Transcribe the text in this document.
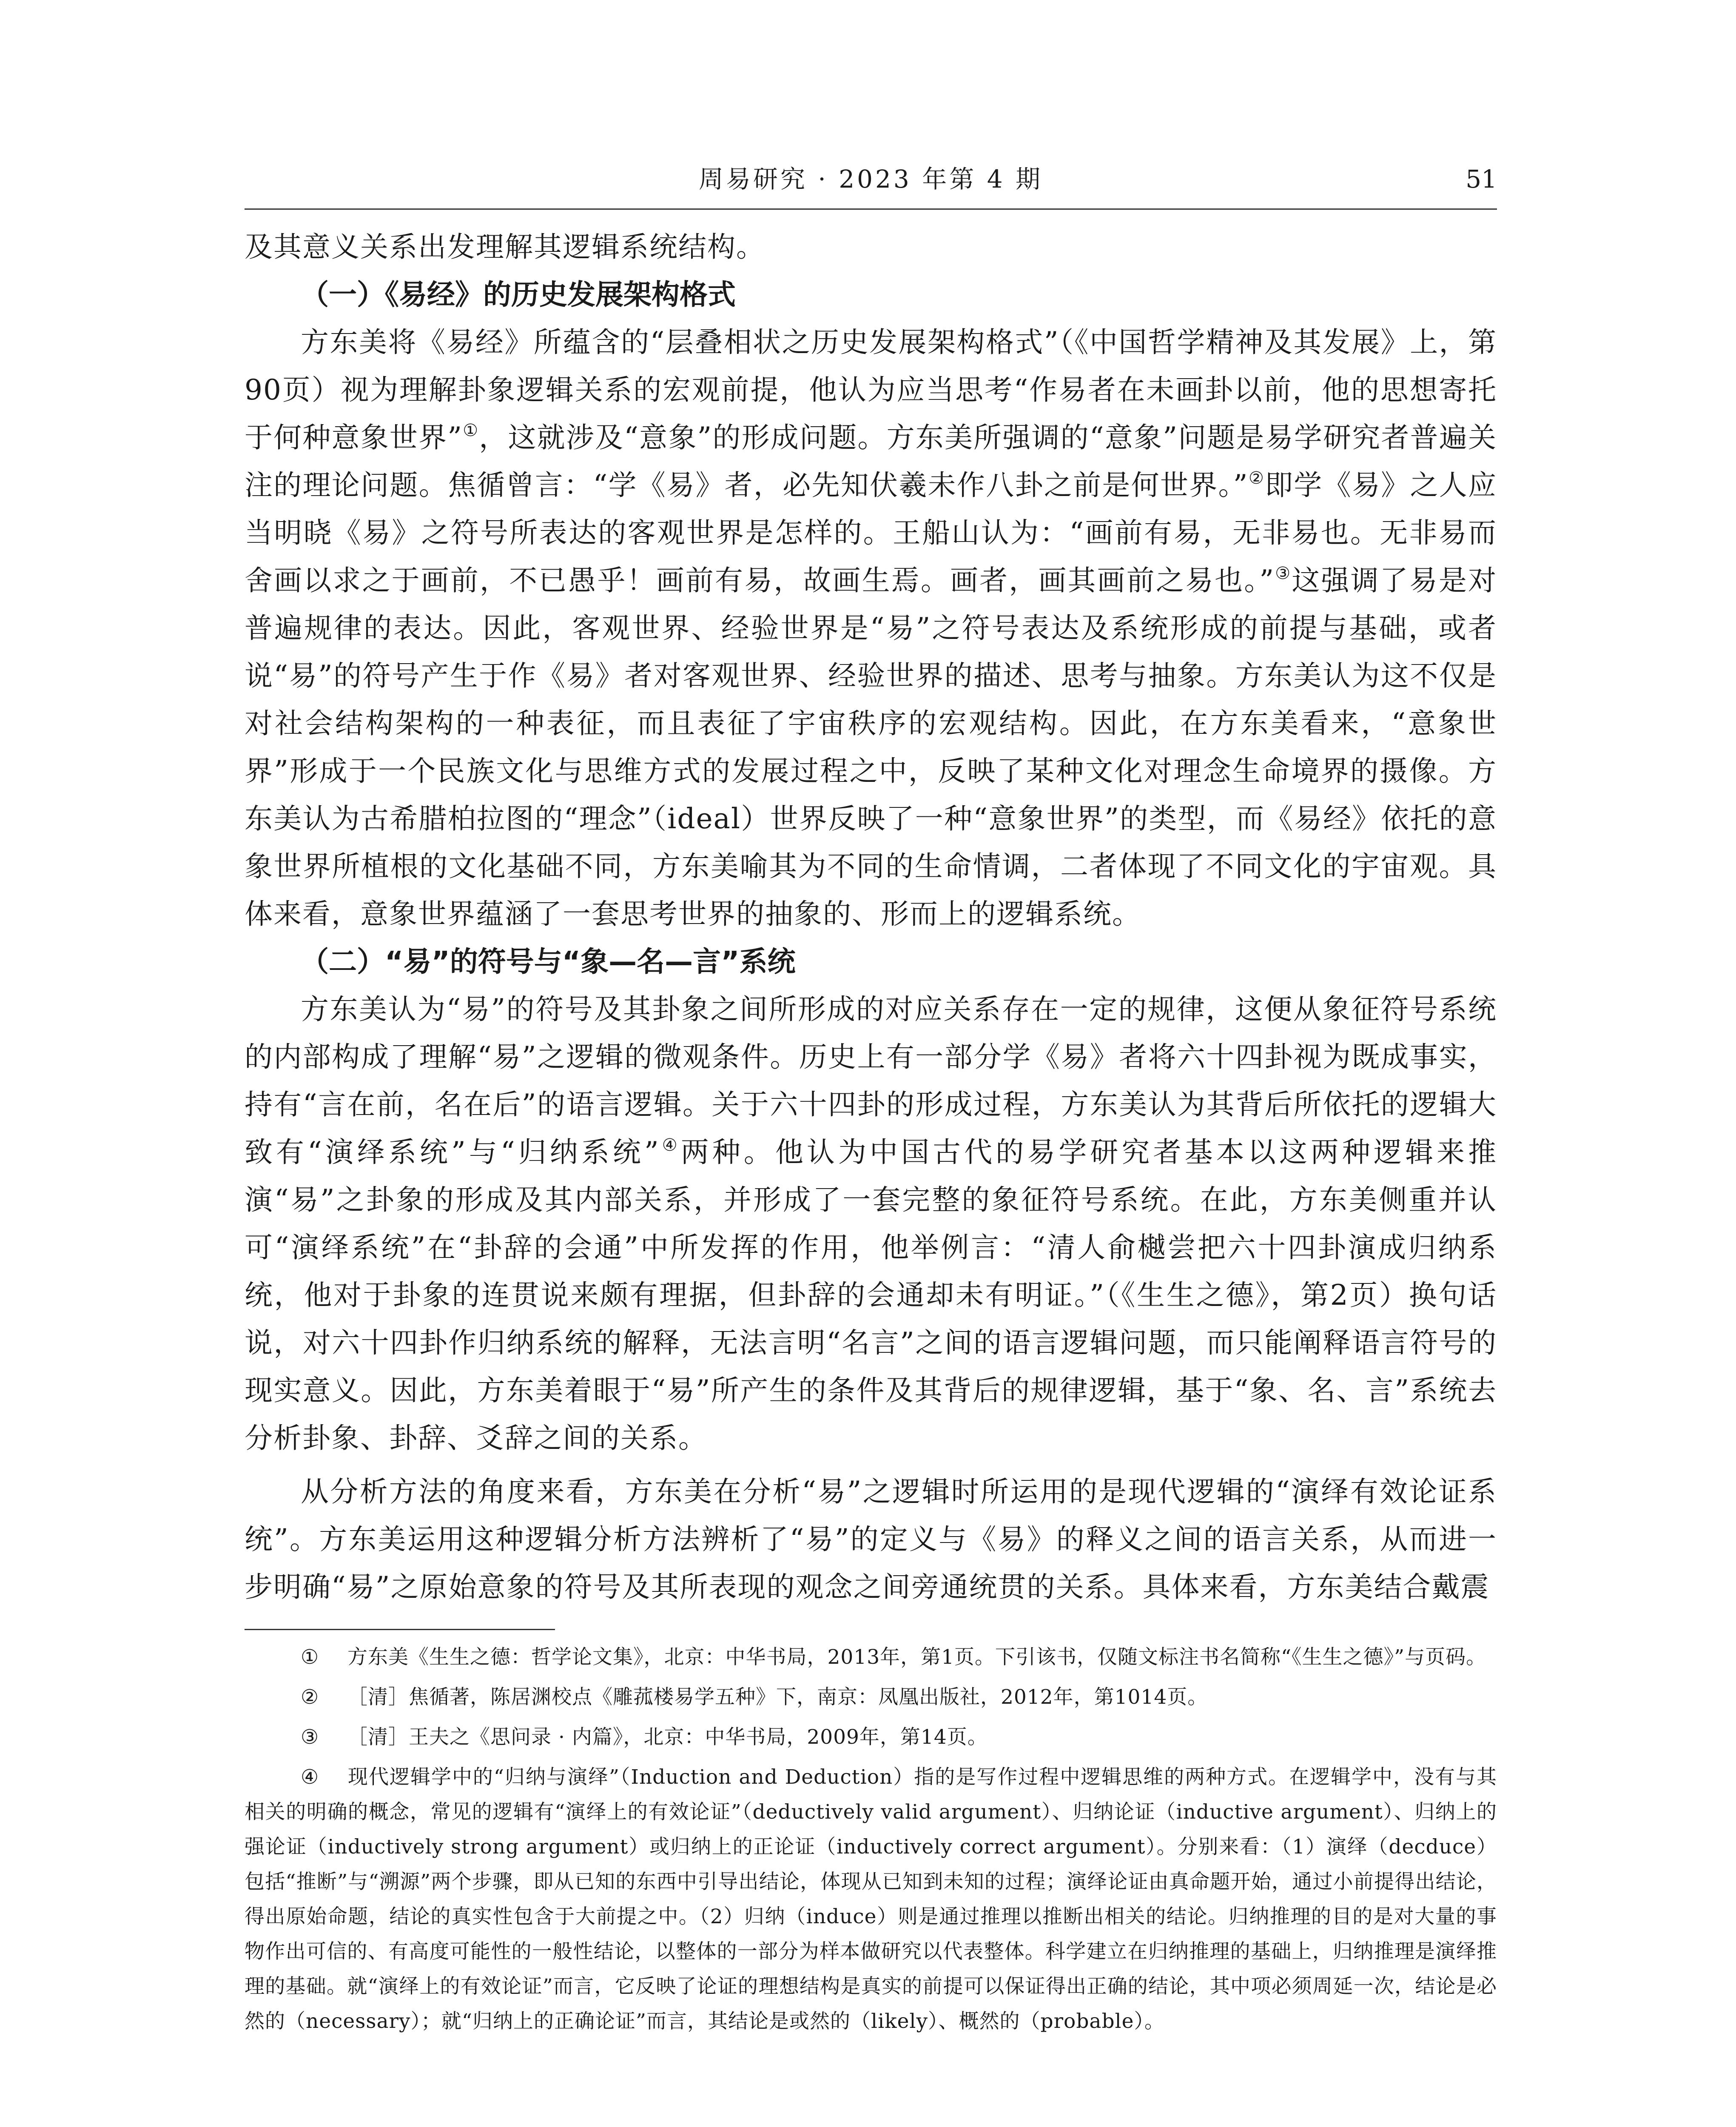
周易研究 · 2023 年第 4 期	51

及其意义关系出发理解其逻辑系统结构。

（一）《易经》的历史发展架构格式

方东美将《易经》所蕴含的“层叠相状之历史发展架构格式”（《中国哲学精神及其发展》上，第90页）视为理解卦象逻辑关系的宏观前提，他认为应当思考“作易者在未画卦以前，他的思想寄托于何种意象世界”①，这就涉及“意象”的形成问题。方东美所强调的“意象”问题是易学研究者普遍关注的理论问题。焦循曾言：“学《易》者，必先知伏羲未作八卦之前是何世界。”②即学《易》之人应当明晓《易》之符号所表达的客观世界是怎样的。王船山认为：“画前有易，无非易也。无非易而舍画以求之于画前，不已愚乎！画前有易，故画生焉。画者，画其画前之易也。”③这强调了易是对普遍规律的表达。因此，客观世界、经验世界是“易”之符号表达及系统形成的前提与基础，或者说“易”的符号产生于作《易》者对客观世界、经验世界的描述、思考与抽象。方东美认为这不仅是对社会结构架构的一种表征，而且表征了宇宙秩序的宏观结构。因此，在方东美看来，“意象世界”形成于一个民族文化与思维方式的发展过程之中，反映了某种文化对理念生命境界的摄像。方东美认为古希腊柏拉图的“理念”（ideal）世界反映了一种“意象世界”的类型，而《易经》依托的意象世界所植根的文化基础不同，方东美喻其为不同的生命情调，二者体现了不同文化的宇宙观。具体来看，意象世界蕴涵了一套思考世界的抽象的、形而上的逻辑系统。

（二）“易”的符号与“象—名—言”系统

方东美认为“易”的符号及其卦象之间所形成的对应关系存在一定的规律，这便从象征符号系统的内部构成了理解“易”之逻辑的微观条件。历史上有一部分学《易》者将六十四卦视为既成事实，持有“言在前，名在后”的语言逻辑。关于六十四卦的形成过程，方东美认为其背后所依托的逻辑大致有“演绎系统”与“归纳系统”④两种。他认为中国古代的易学研究者基本以这两种逻辑来推演“易”之卦象的形成及其内部关系，并形成了一套完整的象征符号系统。在此，方东美侧重并认可“演绎系统”在“卦辞的会通”中所发挥的作用，他举例言：“清人俞樾尝把六十四卦演成归纳系统，他对于卦象的连贯说来颇有理据，但卦辞的会通却未有明证。”（《生生之德》，第2页）换句话说，对六十四卦作归纳系统的解释，无法言明“名言”之间的语言逻辑问题，而只能阐释语言符号的现实意义。因此，方东美着眼于“易”所产生的条件及其背后的规律逻辑，基于“象、名、言”系统去分析卦象、卦辞、爻辞之间的关系。

从分析方法的角度来看，方东美在分析“易”之逻辑时所运用的是现代逻辑的“演绎有效论证系统”。方东美运用这种逻辑分析方法辨析了“易”的定义与《易》的释义之间的语言关系，从而进一步明确“易”之原始意象的符号及其所表现的观念之间旁通统贯的关系。具体来看，方东美结合戴震

① 方东美《生生之德：哲学论文集》，北京：中华书局，2013年，第1页。下引该书，仅随文标注书名简称“《生生之德》”与页码。

② ［清］焦循著，陈居渊校点《雕菰楼易学五种》下，南京：凤凰出版社，2012年，第1014页。

③ ［清］王夫之《思问录 · 内篇》，北京：中华书局，2009年，第14页。

④ 现代逻辑学中的“归纳与演绎”（Induction and Deduction）指的是写作过程中逻辑思维的两种方式。在逻辑学中，没有与其相关的明确的概念，常见的逻辑有“演绎上的有效论证”（deductively valid argument）、归纳论证（inductive argument）、归纳上的强论证（inductively strong argument）或归纳上的正论证（inductively correct argument）。分别来看：（1）演绎（decduce）包括“推断”与“溯源”两个步骤，即从已知的东西中引导出结论，体现从已知到未知的过程；演绎论证由真命题开始，通过小前提得出结论，得出原始命题，结论的真实性包含于大前提之中。（2）归纳（induce）则是通过推理以推断出相关的结论。归纳推理的目的是对大量的事物作出可信的、有高度可能性的一般性结论，以整体的一部分为样本做研究以代表整体。科学建立在归纳推理的基础上，归纳推理是演绎推理的基础。就“演绎上的有效论证”而言，它反映了论证的理想结构是真实的前提可以保证得出正确的结论，其中项必须周延一次，结论是必然的（necessary）；就“归纳上的正确论证”而言，其结论是或然的（likely）、概然的（probable）。
